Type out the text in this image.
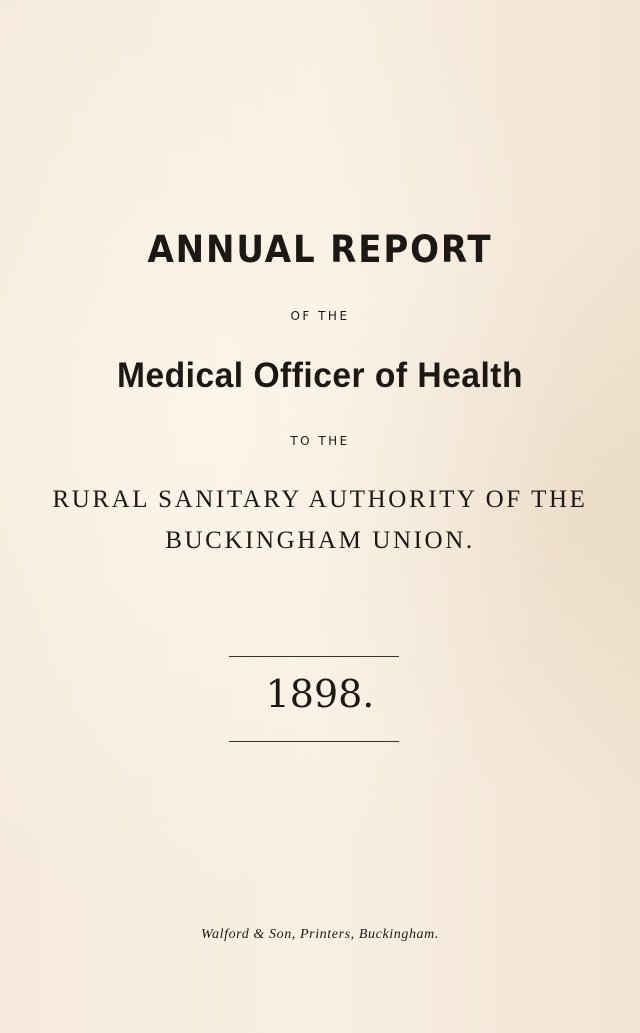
ANNUAL REPORT
OF THE
Medical Officer of Health
TO THE
RURAL SANITARY AUTHORITY OF THE
BUCKINGHAM UNION.
1898.
Walford & Son, Printers, Buckingham.
